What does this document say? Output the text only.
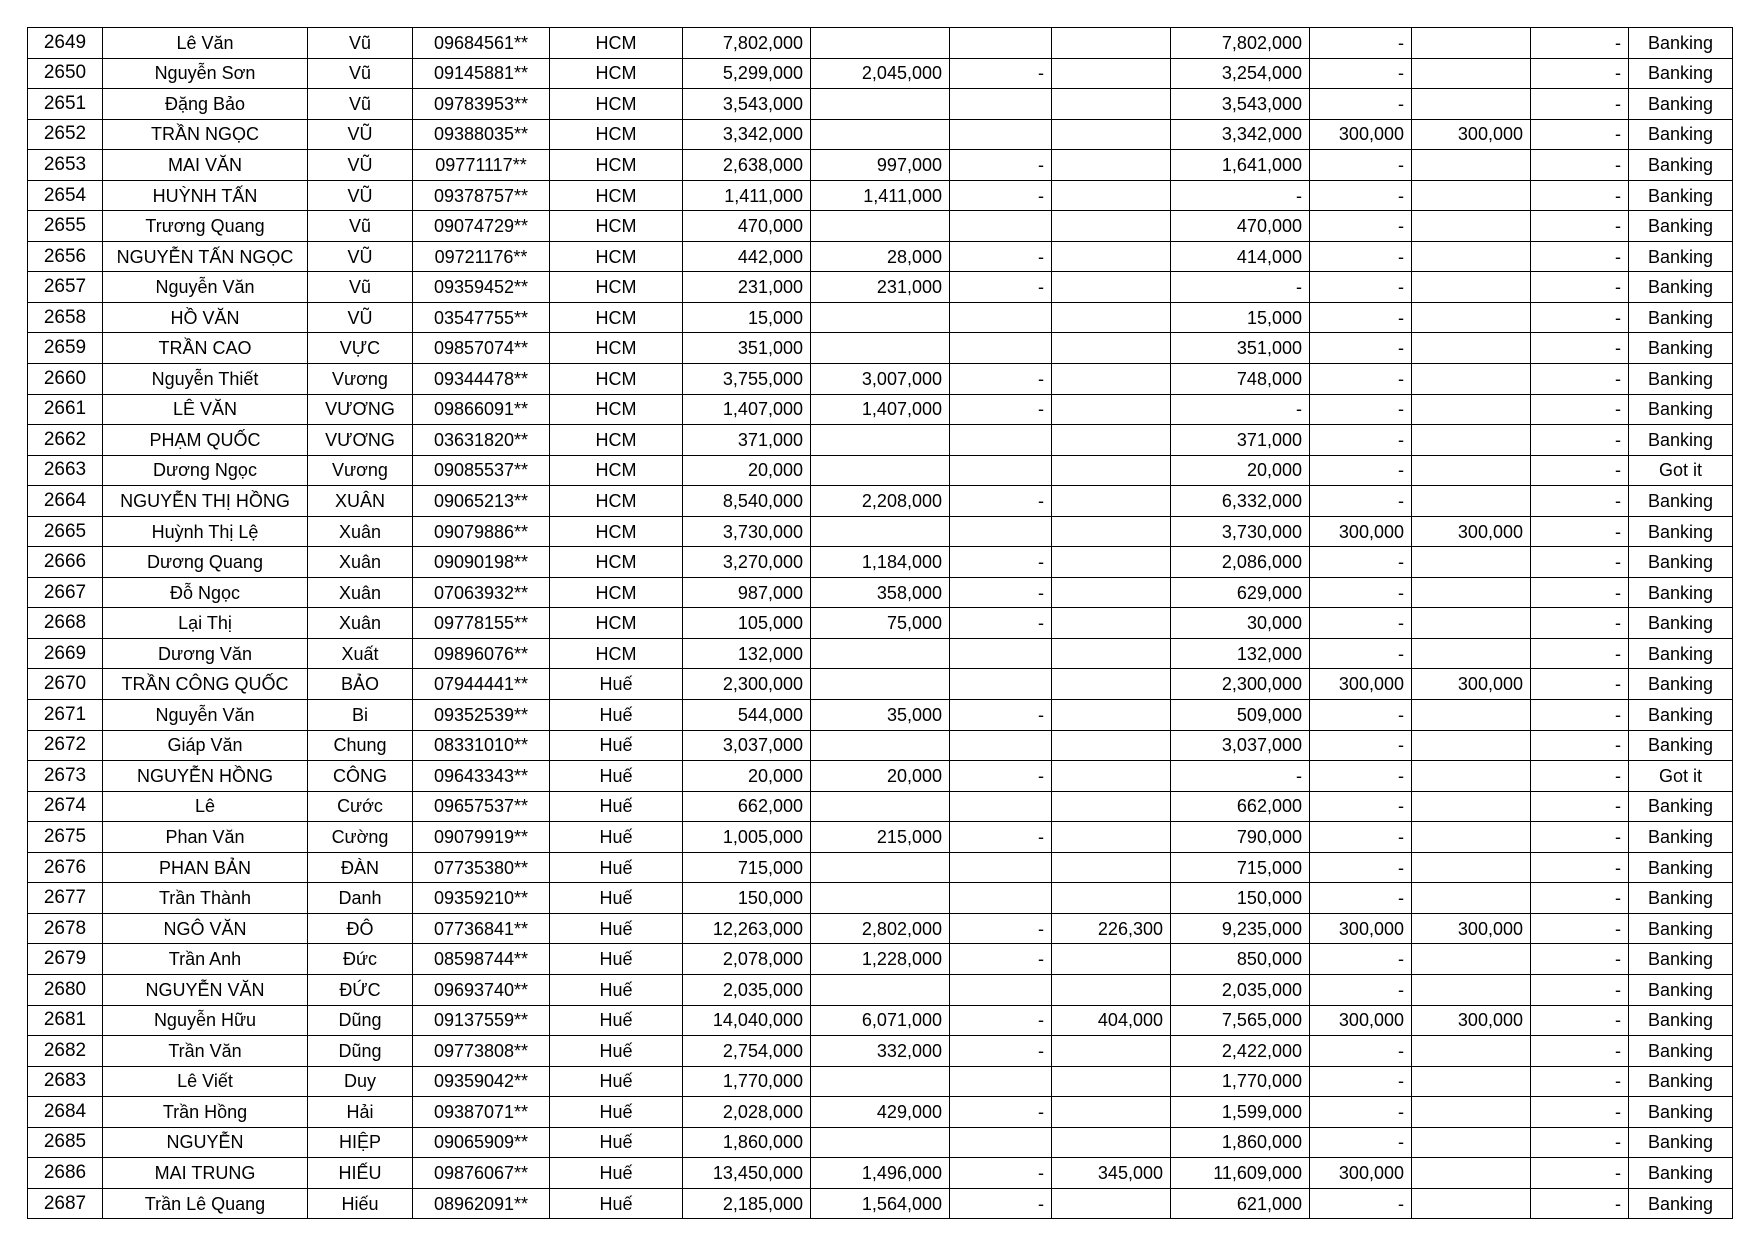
2649	Lê Văn	Vũ	09684561**	HCM	7,802,000				7,802,000	-		-	Banking
2650	Nguyễn Sơn	Vũ	09145881**	HCM	5,299,000	2,045,000	-		3,254,000	-		-	Banking
2651	Đặng Bảo	Vũ	09783953**	HCM	3,543,000				3,543,000	-		-	Banking
2652	TRẦN NGỌC	VŨ	09388035**	HCM	3,342,000				3,342,000	300,000	300,000	-	Banking
2653	MAI VĂN	VŨ	09771117**	HCM	2,638,000	997,000	-		1,641,000	-		-	Banking
2654	HUỲNH TẤN	VŨ	09378757**	HCM	1,411,000	1,411,000	-		-	-		-	Banking
2655	Trương Quang	Vũ	09074729**	HCM	470,000				470,000	-		-	Banking
2656	NGUYỄN TẤN NGỌC	VŨ	09721176**	HCM	442,000	28,000	-		414,000	-		-	Banking
2657	Nguyễn Văn	Vũ	09359452**	HCM	231,000	231,000	-		-	-		-	Banking
2658	HỒ VĂN	VŨ	03547755**	HCM	15,000				15,000	-		-	Banking
2659	TRẦN CAO	VỰC	09857074**	HCM	351,000				351,000	-		-	Banking
2660	Nguyễn Thiết	Vương	09344478**	HCM	3,755,000	3,007,000	-		748,000	-		-	Banking
2661	LÊ VĂN	VƯƠNG	09866091**	HCM	1,407,000	1,407,000	-		-	-		-	Banking
2662	PHẠM QUỐC	VƯƠNG	03631820**	HCM	371,000				371,000	-		-	Banking
2663	Dương Ngọc	Vương	09085537**	HCM	20,000				20,000	-		-	Got it
2664	NGUYỄN THỊ HỒNG	XUÂN	09065213**	HCM	8,540,000	2,208,000	-		6,332,000	-		-	Banking
2665	Huỳnh Thị Lệ	Xuân	09079886**	HCM	3,730,000				3,730,000	300,000	300,000	-	Banking
2666	Dương Quang	Xuân	09090198**	HCM	3,270,000	1,184,000	-		2,086,000	-		-	Banking
2667	Đỗ Ngọc	Xuân	07063932**	HCM	987,000	358,000	-		629,000	-		-	Banking
2668	Lại Thị	Xuân	09778155**	HCM	105,000	75,000	-		30,000	-		-	Banking
2669	Dương Văn	Xuất	09896076**	HCM	132,000				132,000	-		-	Banking
2670	TRẦN CÔNG QUỐC	BẢO	07944441**	Huế	2,300,000				2,300,000	300,000	300,000	-	Banking
2671	Nguyễn Văn	Bi	09352539**	Huế	544,000	35,000	-		509,000	-		-	Banking
2672	Giáp Văn	Chung	08331010**	Huế	3,037,000				3,037,000	-		-	Banking
2673	NGUYỄN HỒNG	CÔNG	09643343**	Huế	20,000	20,000	-		-	-		-	Got it
2674	Lê	Cước	09657537**	Huế	662,000				662,000	-		-	Banking
2675	Phan Văn	Cường	09079919**	Huế	1,005,000	215,000	-		790,000	-		-	Banking
2676	PHAN BẢN	ĐÀN	07735380**	Huế	715,000				715,000	-		-	Banking
2677	Trần Thành	Danh	09359210**	Huế	150,000				150,000	-		-	Banking
2678	NGÔ VĂN	ĐÔ	07736841**	Huế	12,263,000	2,802,000	-	226,300	9,235,000	300,000	300,000	-	Banking
2679	Trần Anh	Đức	08598744**	Huế	2,078,000	1,228,000	-		850,000	-		-	Banking
2680	NGUYỄN VĂN	ĐỨC	09693740**	Huế	2,035,000				2,035,000	-		-	Banking
2681	Nguyễn Hữu	Dũng	09137559**	Huế	14,040,000	6,071,000	-	404,000	7,565,000	300,000	300,000	-	Banking
2682	Trần Văn	Dũng	09773808**	Huế	2,754,000	332,000	-		2,422,000	-		-	Banking
2683	Lê Viết	Duy	09359042**	Huế	1,770,000				1,770,000	-		-	Banking
2684	Trần Hồng	Hải	09387071**	Huế	2,028,000	429,000	-		1,599,000	-		-	Banking
2685	NGUYỄN	HIỆP	09065909**	Huế	1,860,000				1,860,000	-		-	Banking
2686	MAI TRUNG	HIẾU	09876067**	Huế	13,450,000	1,496,000	-	345,000	11,609,000	300,000		-	Banking
2687	Trần Lê Quang	Hiếu	08962091**	Huế	2,185,000	1,564,000	-		621,000	-		-	Banking
